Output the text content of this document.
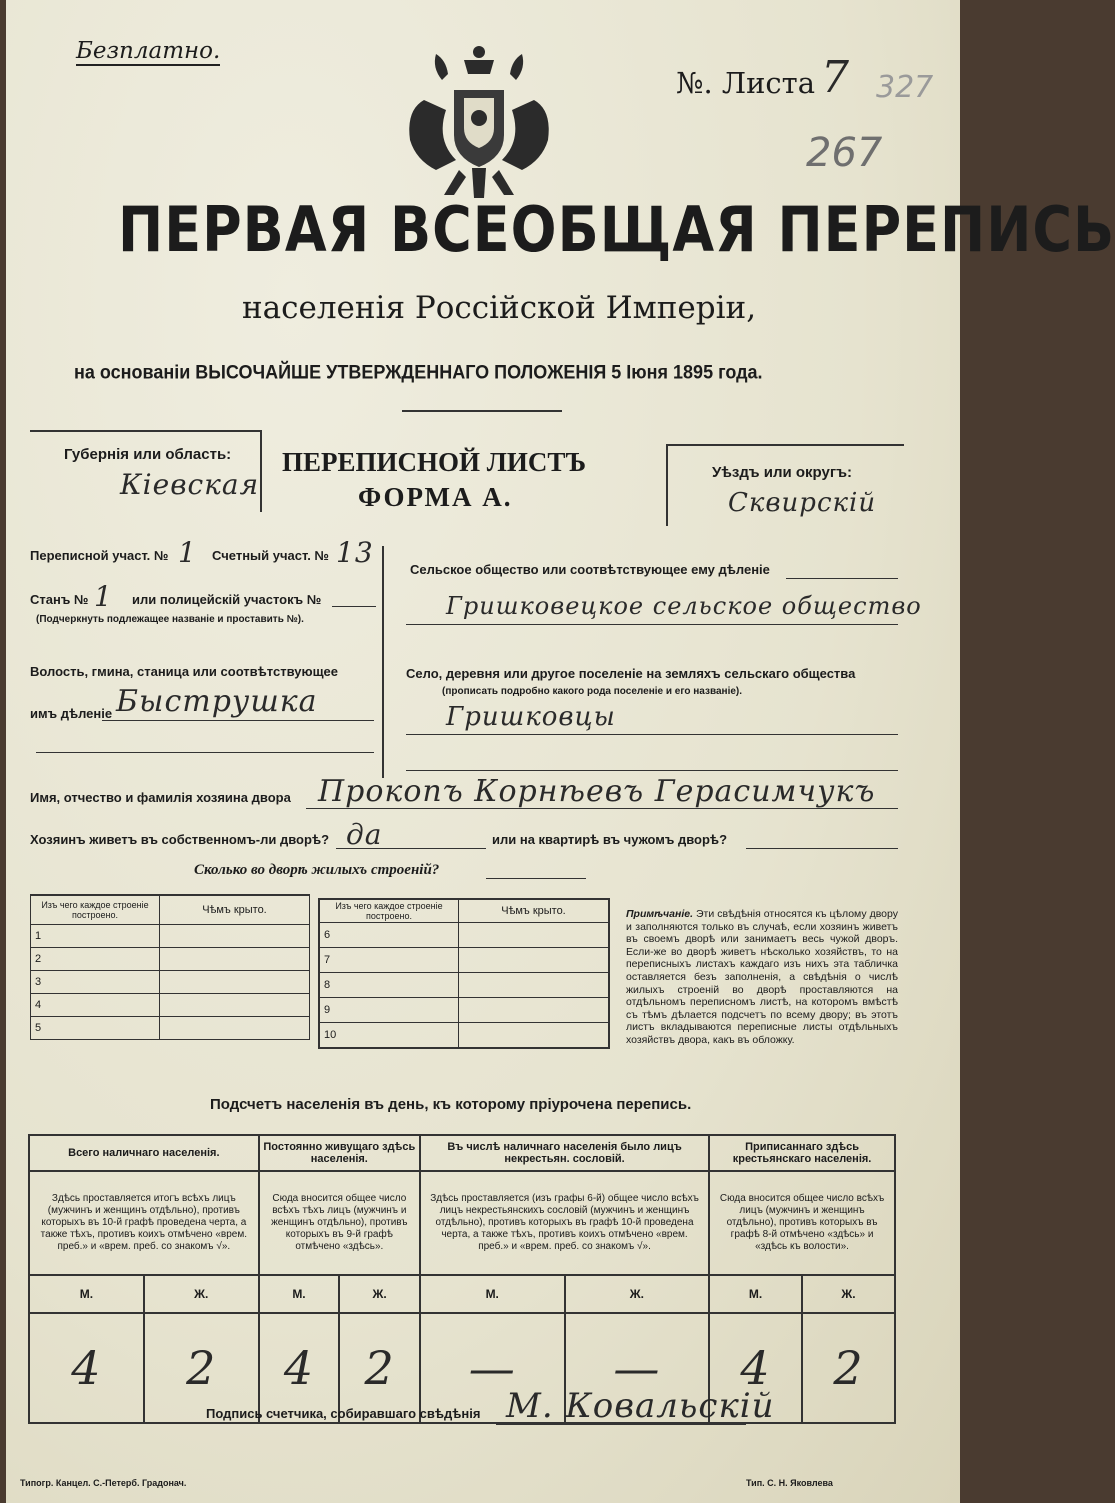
Безплатно.
№. Листа 7 327
267
ПЕРВАЯ ВСЕОБЩАЯ ПЕРЕПИСЬ
населенія Россійской Имперіи,
на основаніи ВЫСОЧАЙШЕ УТВЕРЖДЕННАГО ПОЛОЖЕНІЯ 5 Іюня 1895 года.
Губернія или область:
Кіевская
ПЕРЕПИСНОЙ ЛИСТЪ
ФОРМА А.
Уѣздъ или округъ:
Сквирскій
Переписной участ. № 1 Счетный участ. № 13
Станъ № 1 или полицейскій участокъ №
(Подчеркнуть подлежащее названіе и проставить №).
Волость, гмина, станица или соотвѣтствующее
имъ дѣленіе Быструшка
Сельское общество или соотвѣтствующее ему дѣленіе
Гришковецкое сельское общество
Село, деревня или другое поселеніе на земляхъ сельскаго общества
(прописать подробно какого рода поселеніе и его названіе).
Гришковцы
Имя, отчество и фамилія хозяина двора Прокопъ Корнѣевъ Герасимчукъ
Хозяинъ живетъ въ собственномъ-ли дворѣ? да	или на квартирѣ въ чужомъ дворѣ?
Сколько во дворѣ жилыхъ строеній?
Изъ чего каждое строеніе построено.	Чѣмъ крыто.
1	
2	
3	
4	
5	
Изъ чего каждое строеніе построено.	Чѣмъ крыто.
6	
7	
8	
9	
10	
Примѣчаніе. Эти свѣдѣнія относятся къ цѣлому двору и заполняются только въ случаѣ, если хозяинъ живетъ въ своемъ дворѣ или занимаетъ весь чужой дворъ. Если-же во дворѣ живетъ нѣсколько хозяйствъ, то на переписныхъ листахъ каждаго изъ нихъ эта табличка оставляется безъ заполненія, а свѣдѣнія о числѣ жилыхъ строеній во дворѣ проставляются на отдѣльномъ переписномъ листѣ, на которомъ вмѣстѣ съ тѣмъ дѣлается подсчетъ по всему двору; въ этотъ листъ вкладываются переписные листы отдѣльныхъ хозяйствъ двора, какъ въ обложку.
Подсчетъ населенія въ день, къ которому пріурочена перепись.
Всего наличнаго населенія.		Постоянно живущаго здѣсь населенія.		Въ числѣ наличнаго населенія было лицъ некрестьян. сословій.		Приписаннаго здѣсь крестьянскаго населенія.	
Здѣсь проставляется итогъ всѣхъ лицъ (мужчинъ и женщинъ отдѣльно), противъ которыхъ въ 10-й графѣ проведена черта, а также тѣхъ, противъ коихъ отмѣчено «врем. преб.» и «врем. преб. со знакомъ √».		Сюда вносится общее число всѣхъ тѣхъ лицъ (мужчинъ и женщинъ отдѣльно), противъ которыхъ въ 9-й графѣ отмѣчено «здѣсь».		Здѣсь проставляется (изъ графы 6-й) общее число всѣхъ лицъ некрестьянскихъ сословій (мужчинъ и женщинъ отдѣльно), противъ которыхъ въ графѣ 10-й проведена черта, а также тѣхъ, противъ коихъ отмѣчено «врем. преб.» и «врем. преб. со знакомъ √».		Сюда вносится общее число всѣхъ лицъ (мужчинъ и женщинъ отдѣльно), противъ которыхъ въ графѣ 8-й отмѣчено «здѣсь» и «здѣсь къ волости».	
М.	Ж.	М.	Ж.	М.	Ж.	М.	Ж.
4	2	4	2	—	—	4	2
Подпись счетчика, собиравшаго свѣдѣнія М. Ковальскій
Типогр. Канцел. С.-Петерб. Градонач.	Тип. С. Н. Яковлева
